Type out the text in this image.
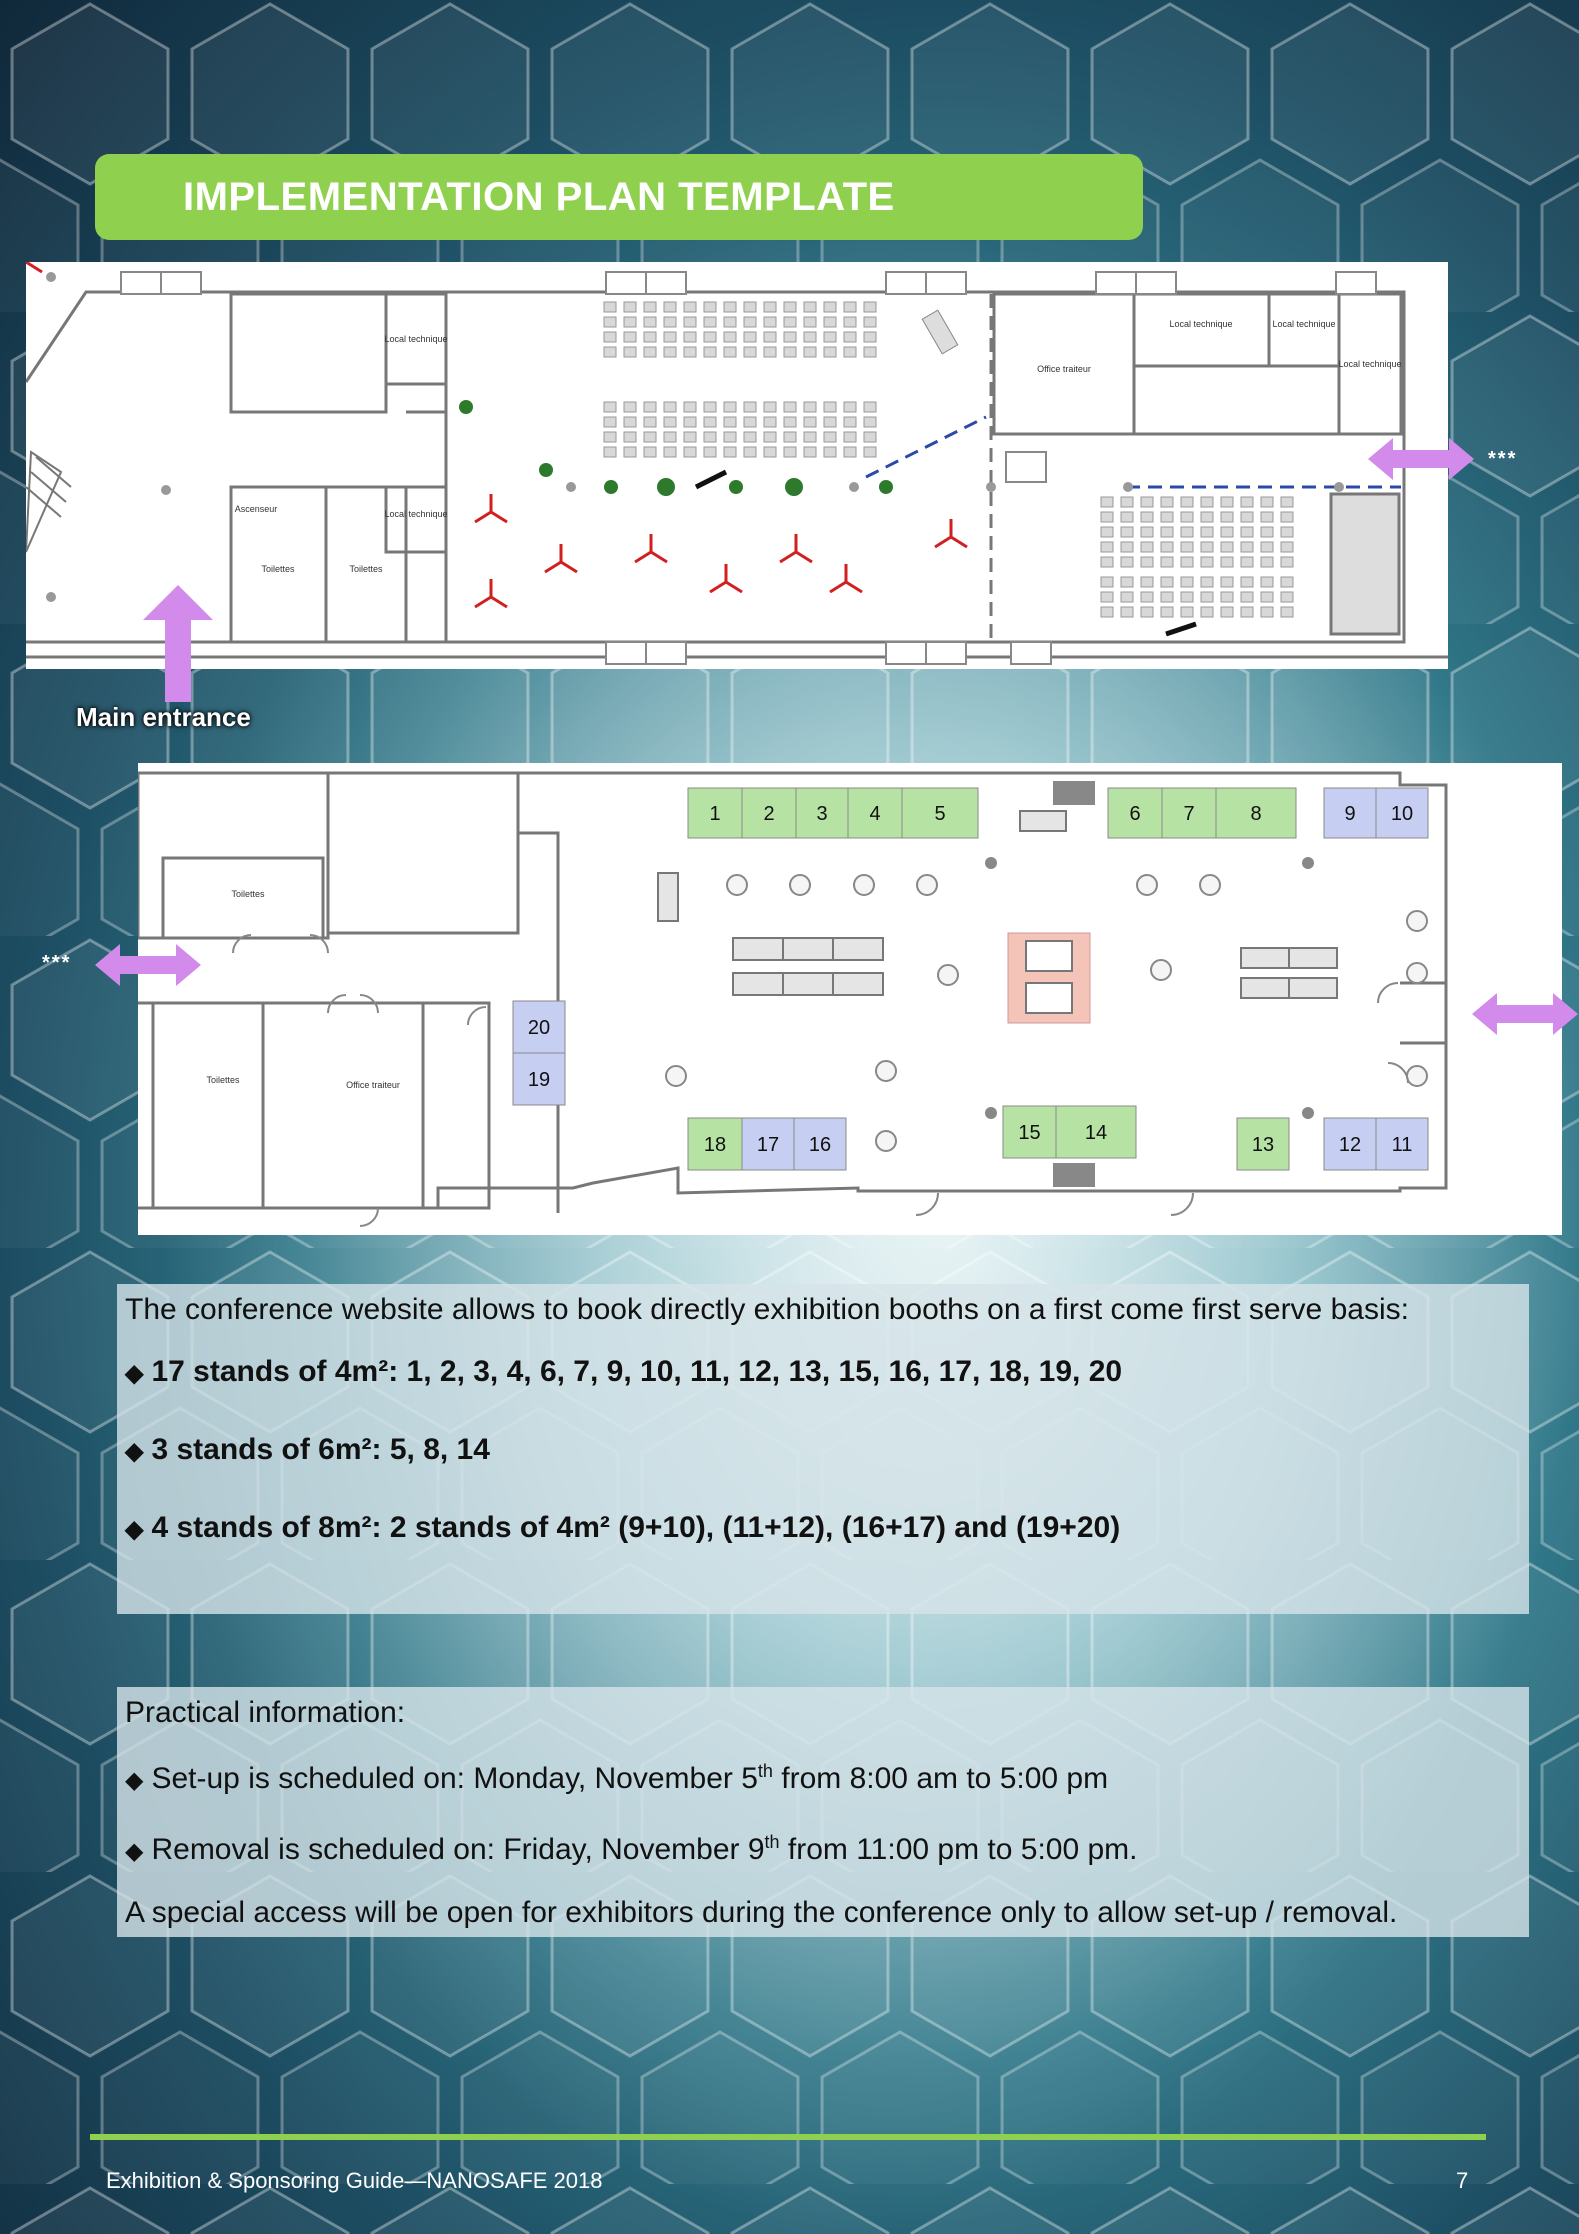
IMPLEMENTATION PLAN TEMPLATE
Local technique
Local technique
Ascenseur
Toilettes	Toilettes
Office traiteur
Local technique	Local technique
Local technique
Main entrance
***
1 2 3 4	5	6 7	8	9 10
11
12
13
14
15
16
17
18
19
20
Toilettes
Toilettes	Office traiteur
***
The conference website allows to book directly exhibition booths on a first come first serve basis:
◆ 17 stands of 4m²: 1, 2, 3, 4, 6, 7, 9, 10, 11, 12, 13, 15, 16, 17, 18, 19, 20
◆ 3 stands of 6m²: 5, 8, 14
◆ 4 stands of 8m²: 2 stands of 4m² (9+10), (11+12), (16+17) and (19+20)
Practical information:
◆ Set-up is scheduled on: Monday, November 5th from 8:00 am to 5:00 pm
◆ Removal is scheduled on: Friday, November 9th from 11:00 pm to 5:00 pm.
A special access will be open for exhibitors during the conference only to allow set-up / removal.
Exhibition & Sponsoring Guide—NANOSAFE 2018	7
